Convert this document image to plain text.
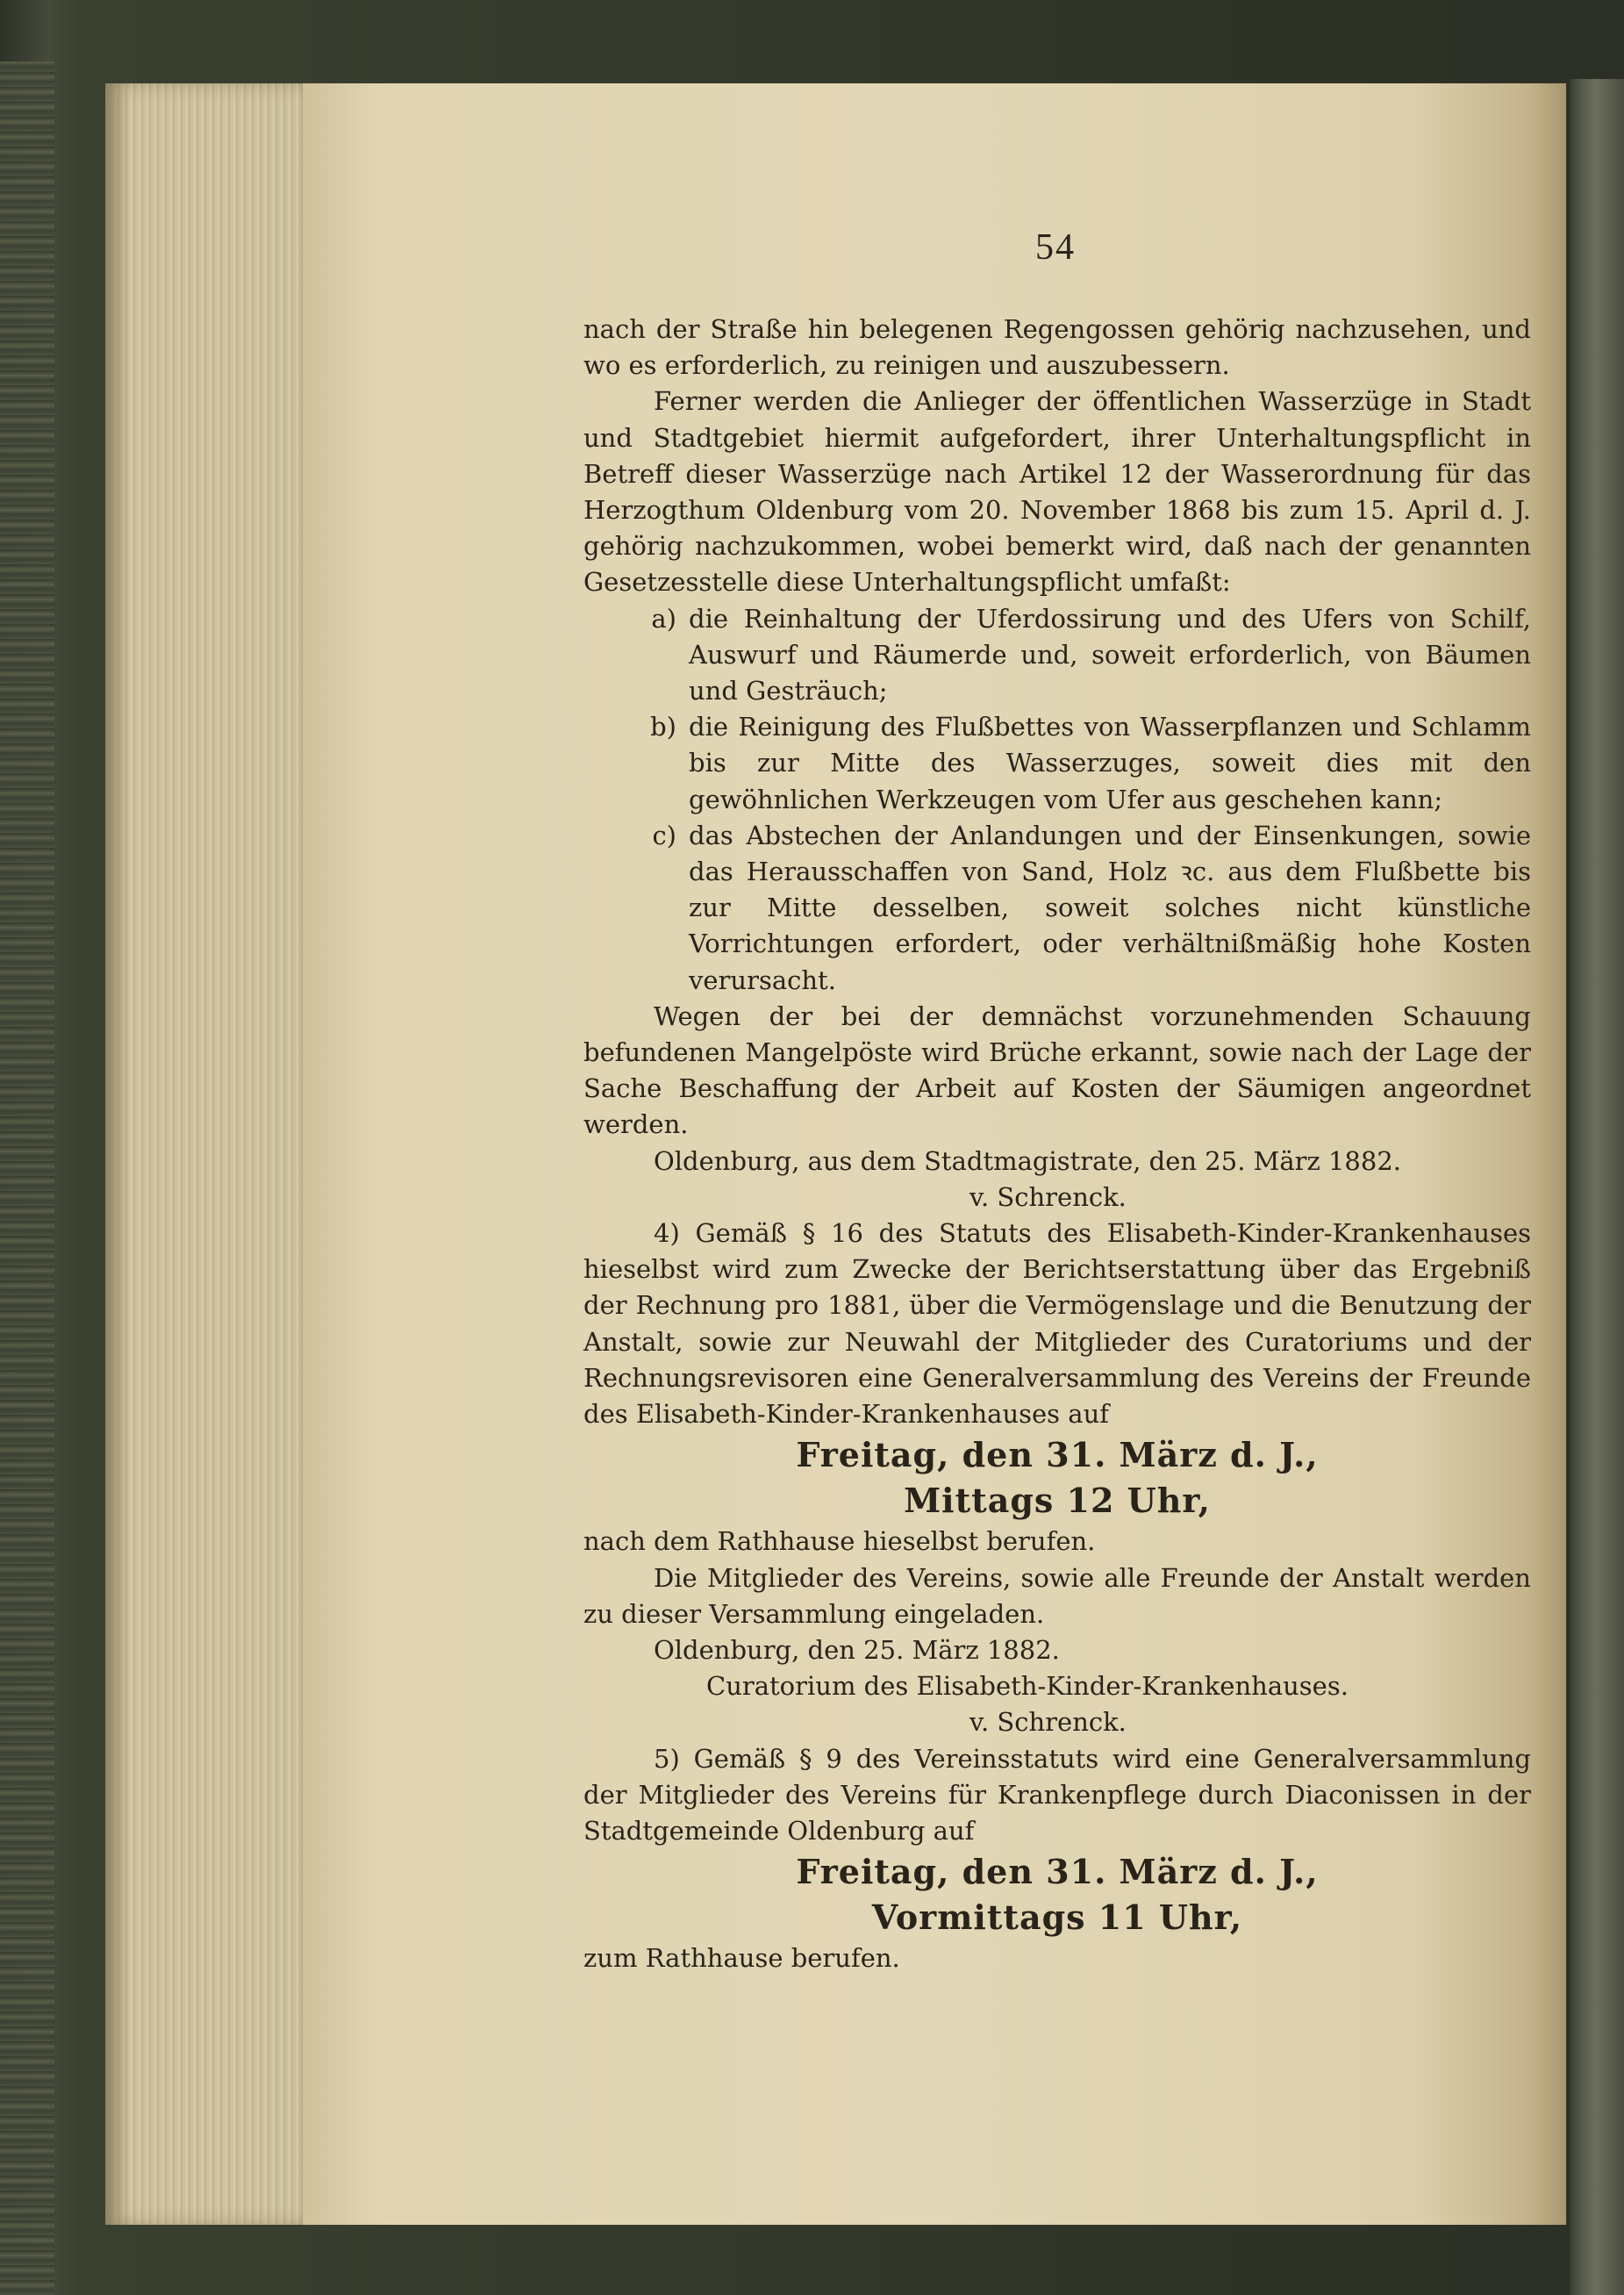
54

nach der Straße hin belegenen Regengossen gehörig nachzusehen, und wo es erforderlich, zu reinigen und auszubessern.

Ferner werden die Anlieger der öffentlichen Wasserzüge in Stadt und Stadtgebiet hiermit aufgefordert, ihrer Unterhaltungspflicht in Betreff dieser Wasserzüge nach Artikel 12 der Wasserordnung für das Herzogthum Oldenburg vom 20. November 1868 bis zum 15. April d. J. gehörig nachzukommen, wobei bemerkt wird, daß nach der genannten Gesetzesstelle diese Unterhaltungspflicht umfaßt:

a) die Reinhaltung der Uferdossirung und des Ufers von Schilf, Auswurf und Räumerde und, soweit erforderlich, von Bäumen und Gesträuch;
b) die Reinigung des Flußbettes von Wasserpflanzen und Schlamm bis zur Mitte des Wasserzuges, soweit dies mit den gewöhnlichen Werkzeugen vom Ufer aus geschehen kann;
c) das Abstechen der Anlandungen und der Einsenkungen, sowie das Herausschaffen von Sand, Holz ꝛc. aus dem Flußbette bis zur Mitte desselben, soweit solches nicht künstliche Vorrichtungen erfordert, oder verhältnißmäßig hohe Kosten verursacht.

Wegen der bei der demnächst vorzunehmenden Schauung befundenen Mangelpöste wird Brüche erkannt, sowie nach der Lage der Sache Beschaffung der Arbeit auf Kosten der Säumigen angeordnet werden.

Oldenburg, aus dem Stadtmagistrate, den 25. März 1882.

v. Schrenck.

4) Gemäß § 16 des Statuts des Elisabeth-Kinder-Krankenhauses hieselbst wird zum Zwecke der Berichtserstattung über das Ergebniß der Rechnung pro 1881, über die Vermögenslage und die Benutzung der Anstalt, sowie zur Neuwahl der Mitglieder des Curatoriums und der Rechnungsrevisoren eine Generalversammlung des Vereins der Freunde des Elisabeth-Kinder-Krankenhauses auf

Freitag, den 31. März d. J.,

Mittags 12 Uhr,

nach dem Rathhause hieselbst berufen.

Die Mitglieder des Vereins, sowie alle Freunde der Anstalt werden zu dieser Versammlung eingeladen.

Oldenburg, den 25. März 1882.

Curatorium des Elisabeth-Kinder-Krankenhauses.

v. Schrenck.

5) Gemäß § 9 des Vereinsstatuts wird eine Generalversammlung der Mitglieder des Vereins für Krankenpflege durch Diaconissen in der Stadtgemeinde Oldenburg auf

Freitag, den 31. März d. J.,

Vormittags 11 Uhr,

zum Rathhause berufen.
